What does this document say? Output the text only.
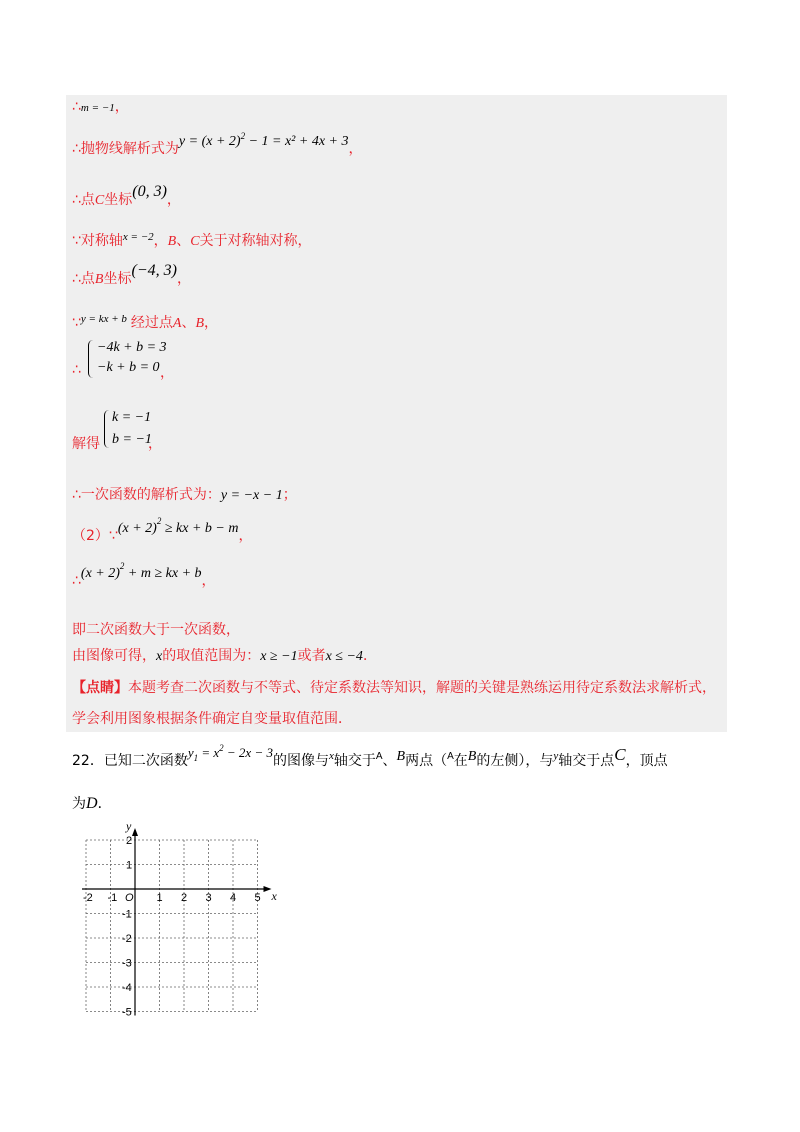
∴m = −1，
∴抛物线解析式为$y = (x + 2)^2 - 1 = x^2 + 4x + 3$，
∴点C坐标(0, 3)，
∵对称轴$^{x = -2}$，B、C关于对称轴对称，
∴点B坐标(−4, 3)，
∵$^{y = kx + b}$ 经过点A、B，
∴
−4k + b = 3
−k + b = 0 ，
解得
k = −1
b = −1
，
∴一次函数的解析式为：y = −x − 1；
（2）∵(x + 2)$^2$ ≥ kx + b − m，
∴(x + 2)$^2$ + m ≥ kx + b，
即二次函数大于一次函数，
由图像可得，x的取值范围为：x ≥ −1或者x ≤ −4．
【点睛】本题考查二次函数与不等式、待定系数法等知识，解题的关键是熟练运用待定系数法求解析式，
学会利用图象根据条件确定自变量取值范围．
22．已知二次函数$y^1 = x^2 - 2x - 3$的图像与$^x$轴交于$^A$、B两点（$^A$在B的左侧），与$^y$轴交于点C，顶点
为D．
-2 -1	1 2 3 4 5
2
1
-1
-2
-3
-4
-5
O	x
y
